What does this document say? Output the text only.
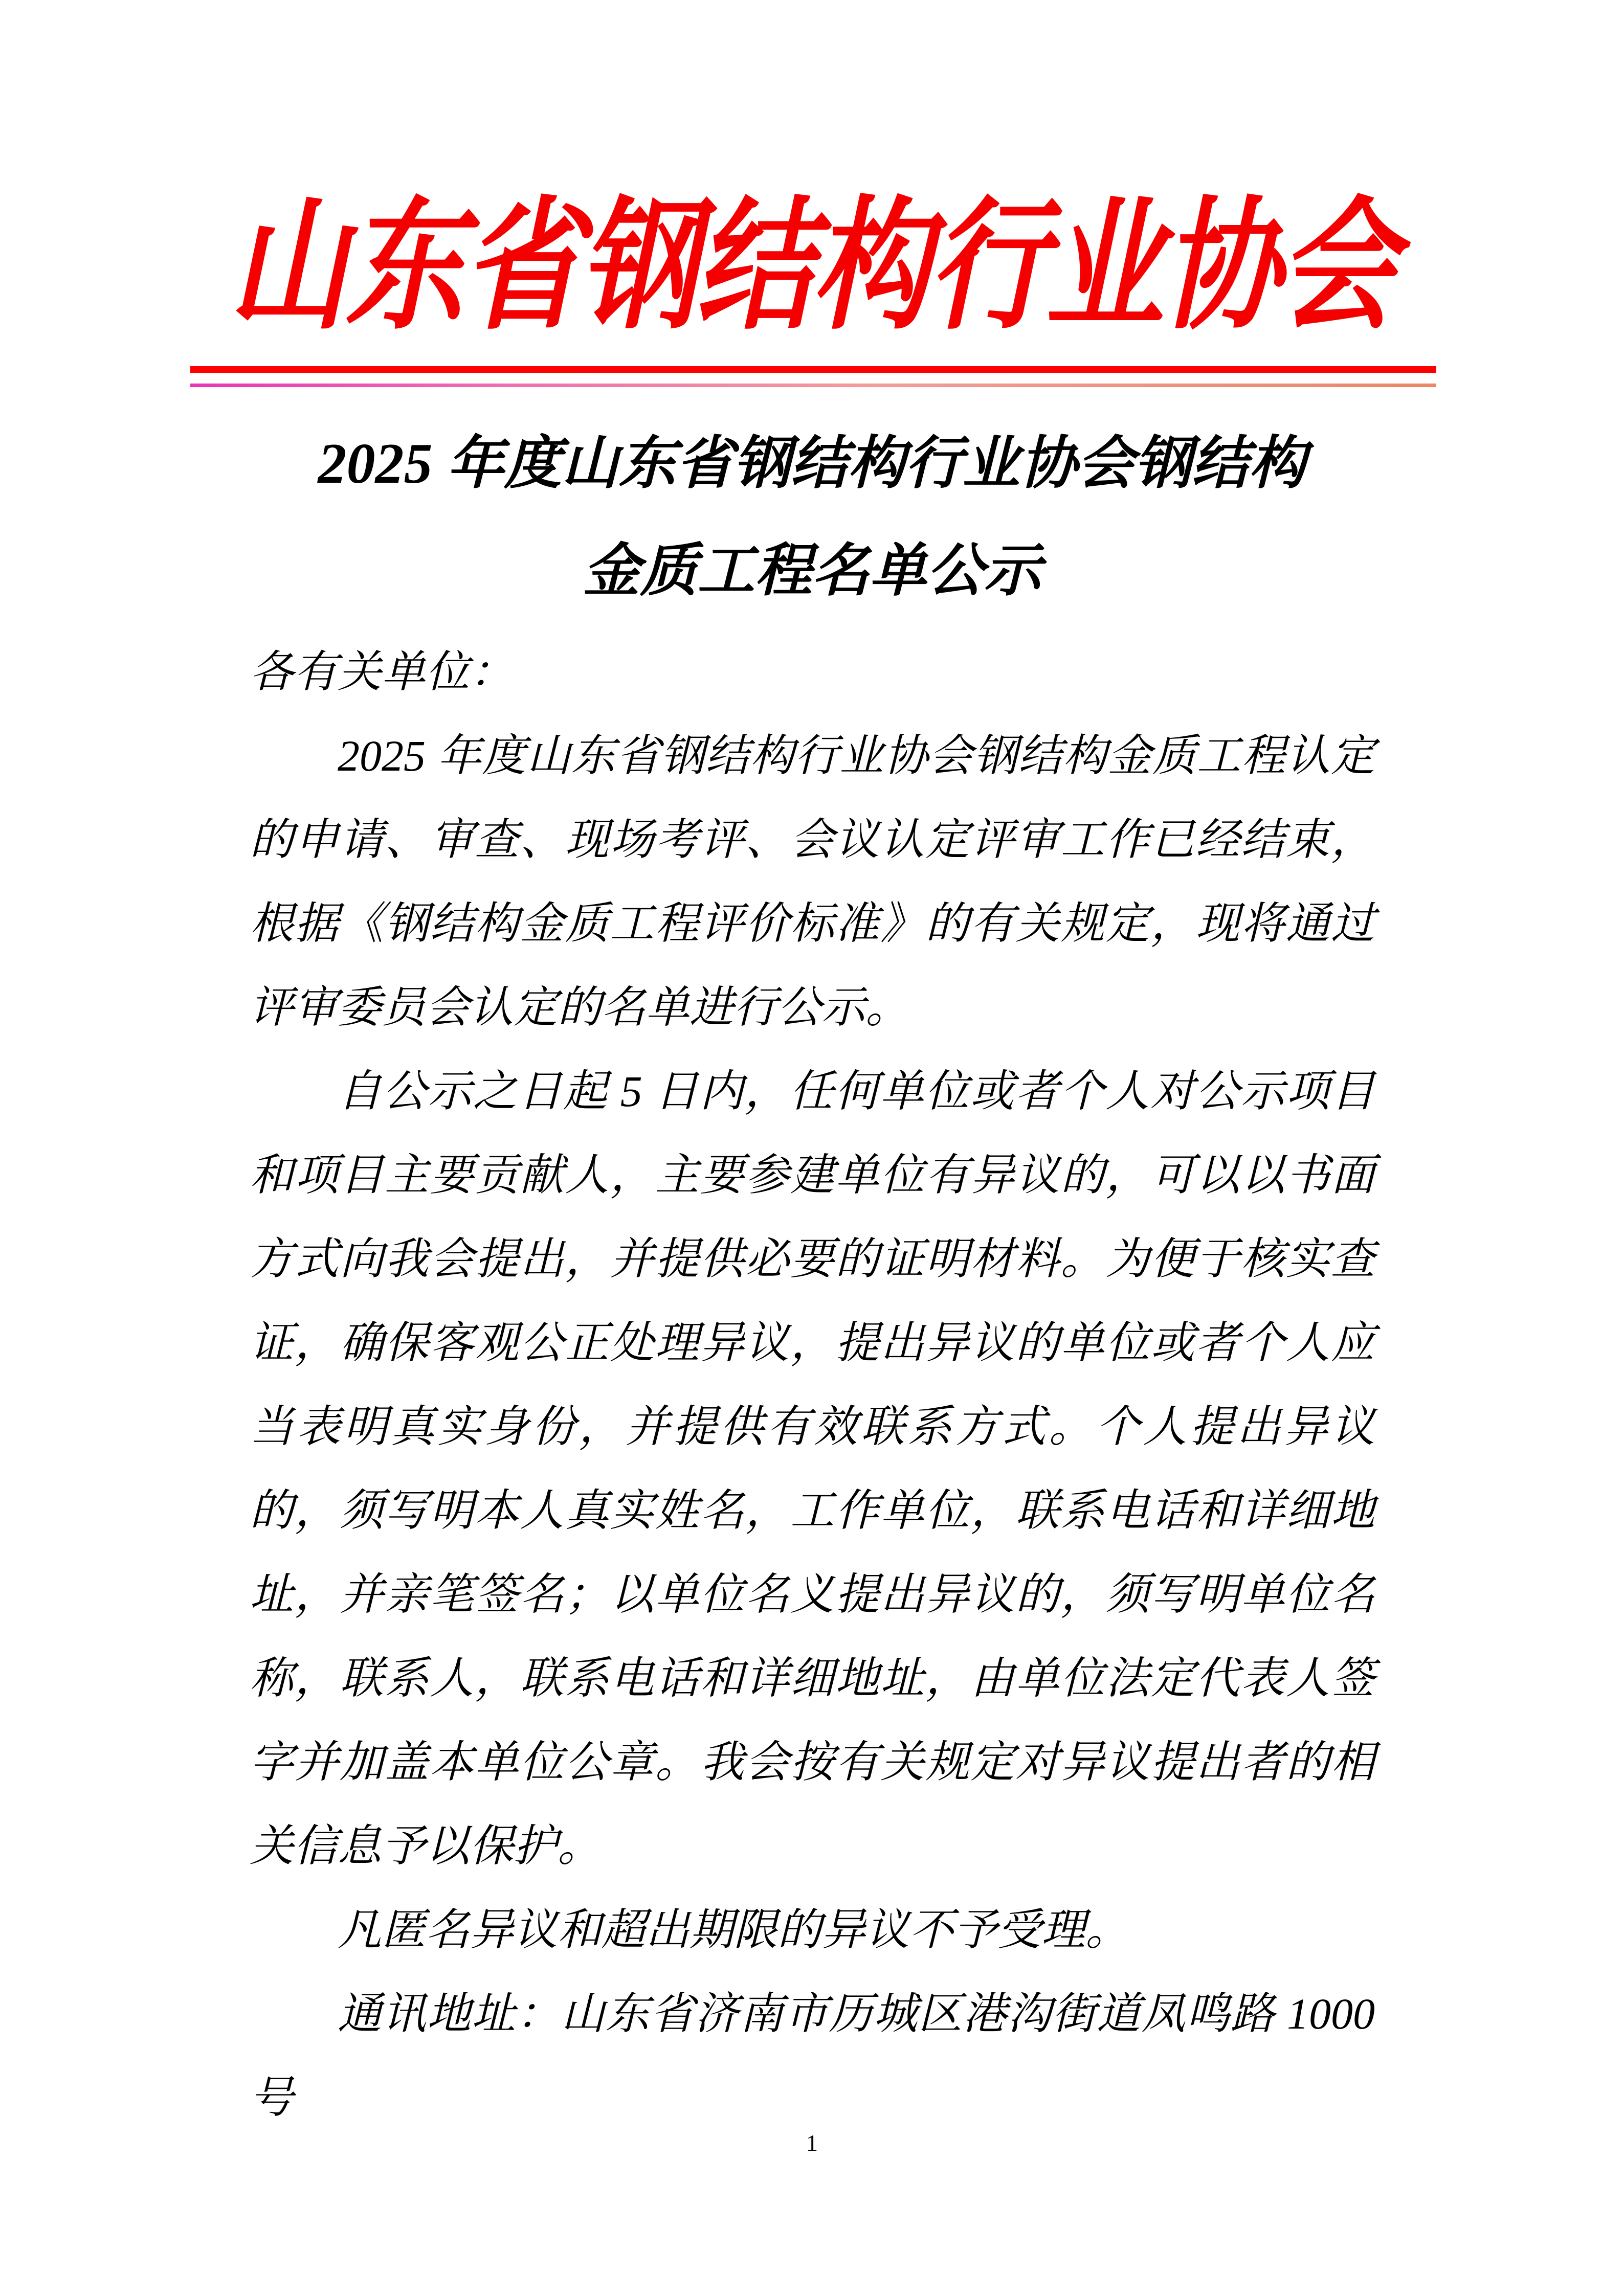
山东省钢结构行业协会
2025 年度山东省钢结构行业协会钢结构
金质工程名单公示

各有关单位：

2025 年度山东省钢结构行业协会钢结构金质工程认定的申请、审查、现场考评、会议认定评审工作已经结束，根据《钢结构金质工程评价标准》的有关规定，现将通过评审委员会认定的名单进行公示。

自公示之日起 5 日内，任何单位或者个人对公示项目和项目主要贡献人，主要参建单位有异议的，可以以书面方式向我会提出，并提供必要的证明材料。为便于核实查证，确保客观公正处理异议，提出异议的单位或者个人应当表明真实身份，并提供有效联系方式。个人提出异议的，须写明本人真实姓名，工作单位，联系电话和详细地址，并亲笔签名；以单位名义提出异议的，须写明单位名称，联系人，联系电话和详细地址，由单位法定代表人签字并加盖本单位公章。我会按有关规定对异议提出者的相关信息予以保护。

凡匿名异议和超出期限的异议不予受理。

通讯地址：山东省济南市历城区港沟街道凤鸣路 1000 号

1
